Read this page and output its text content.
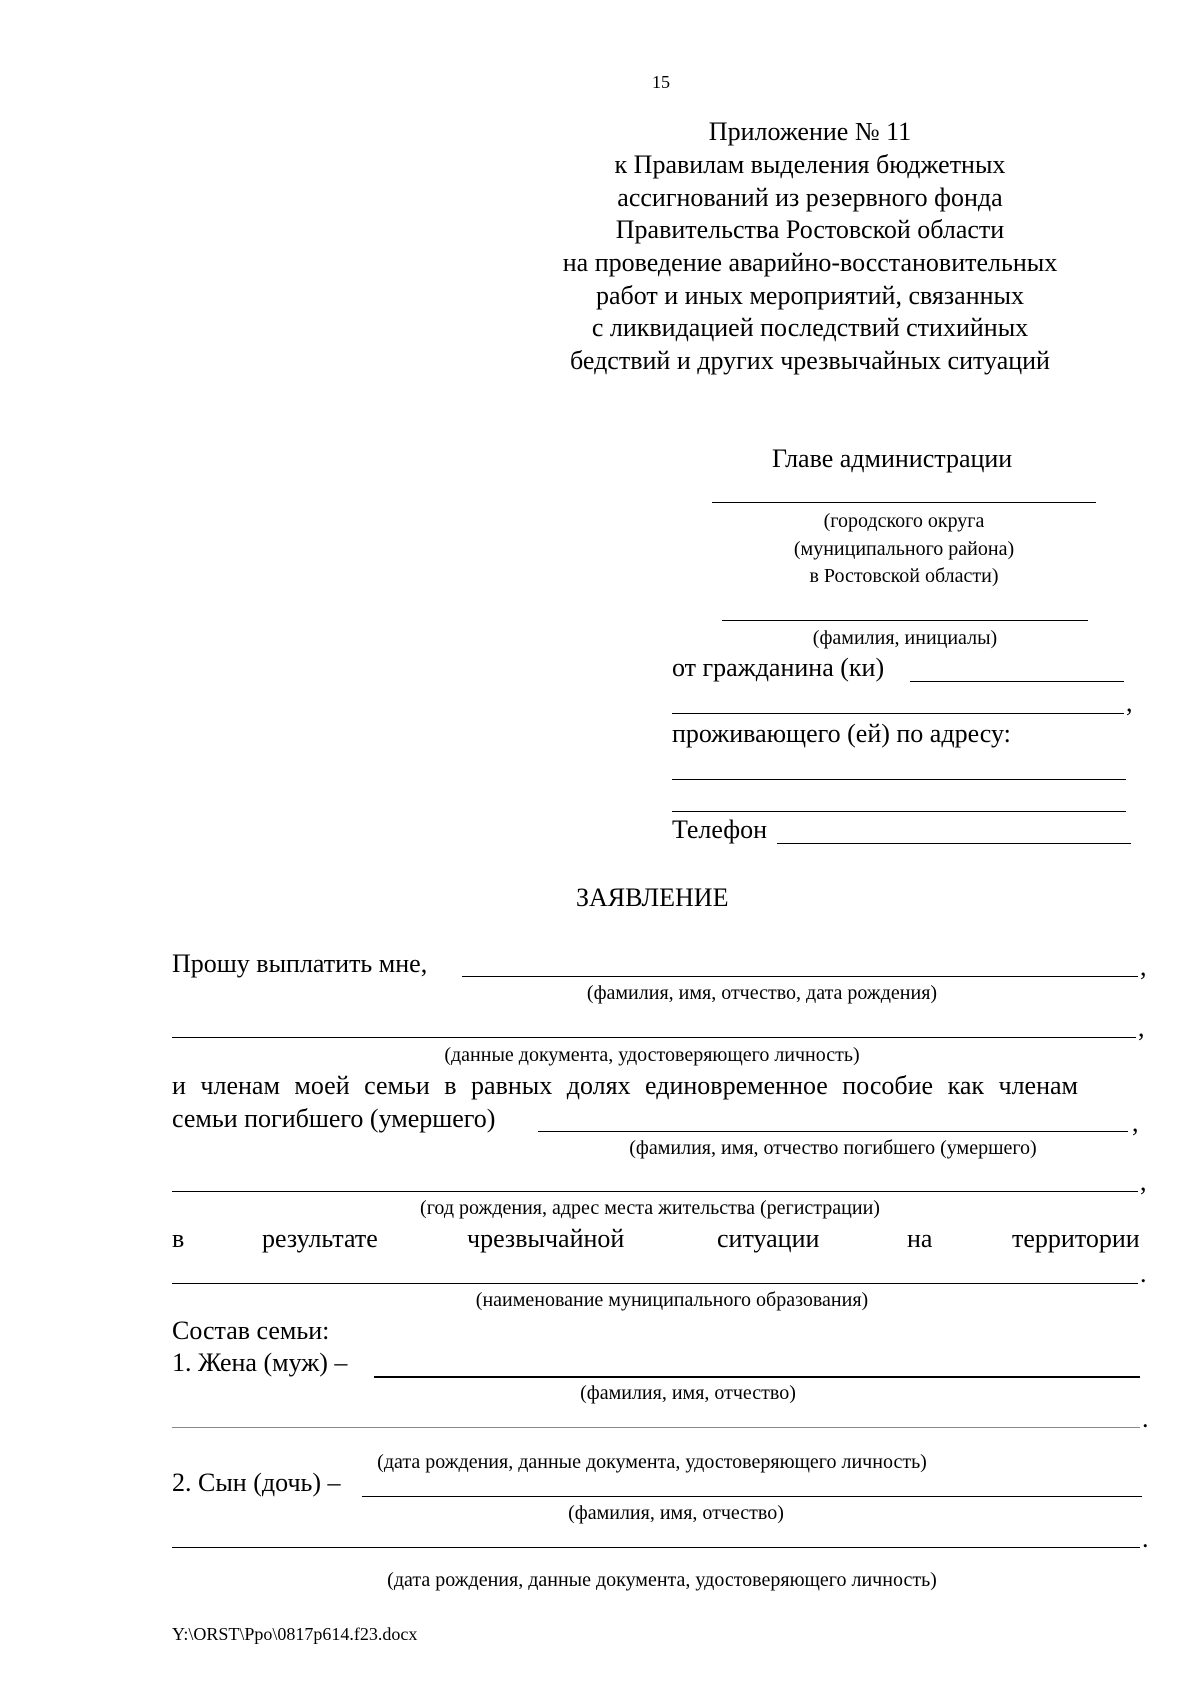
15
Приложение № 11
к Правилам выделения бюджетных
ассигнований из резервного фонда
Правительства Ростовской области
на проведение аварийно-восстановительных
работ и иных мероприятий, связанных
с ликвидацией последствий стихийных
бедствий и других чрезвычайных ситуаций
Главе администрации
(городского округа
(муниципального района)
в Ростовской области)
(фамилия, инициалы)
от гражданина (ки)
,
проживающего (ей) по адресу:
Телефон
ЗАЯВЛЕНИЕ
Прошу выплатить мне,	,
(фамилия, имя, отчество, дата рождения)
,
(данные документа, удостоверяющего личность)
и членам моей семьи в равных долях единовременное пособие как членам
семьи погибшего (умершего)	,
(фамилия, имя, отчество погибшего (умершего)
,
(год рождения, адрес места жительства (регистрации)
в	результате	чрезвычайной	ситуации	на	территории
.
(наименование муниципального образования)
Состав семьи:
1. Жена (муж) –
(фамилия, имя, отчество)
.
(дата рождения, данные документа, удостоверяющего личность)
2. Сын (дочь) –
(фамилия, имя, отчество)
.
(дата рождения, данные документа, удостоверяющего личность)
Y:\ORST\Ppo\0817p614.f23.docx
